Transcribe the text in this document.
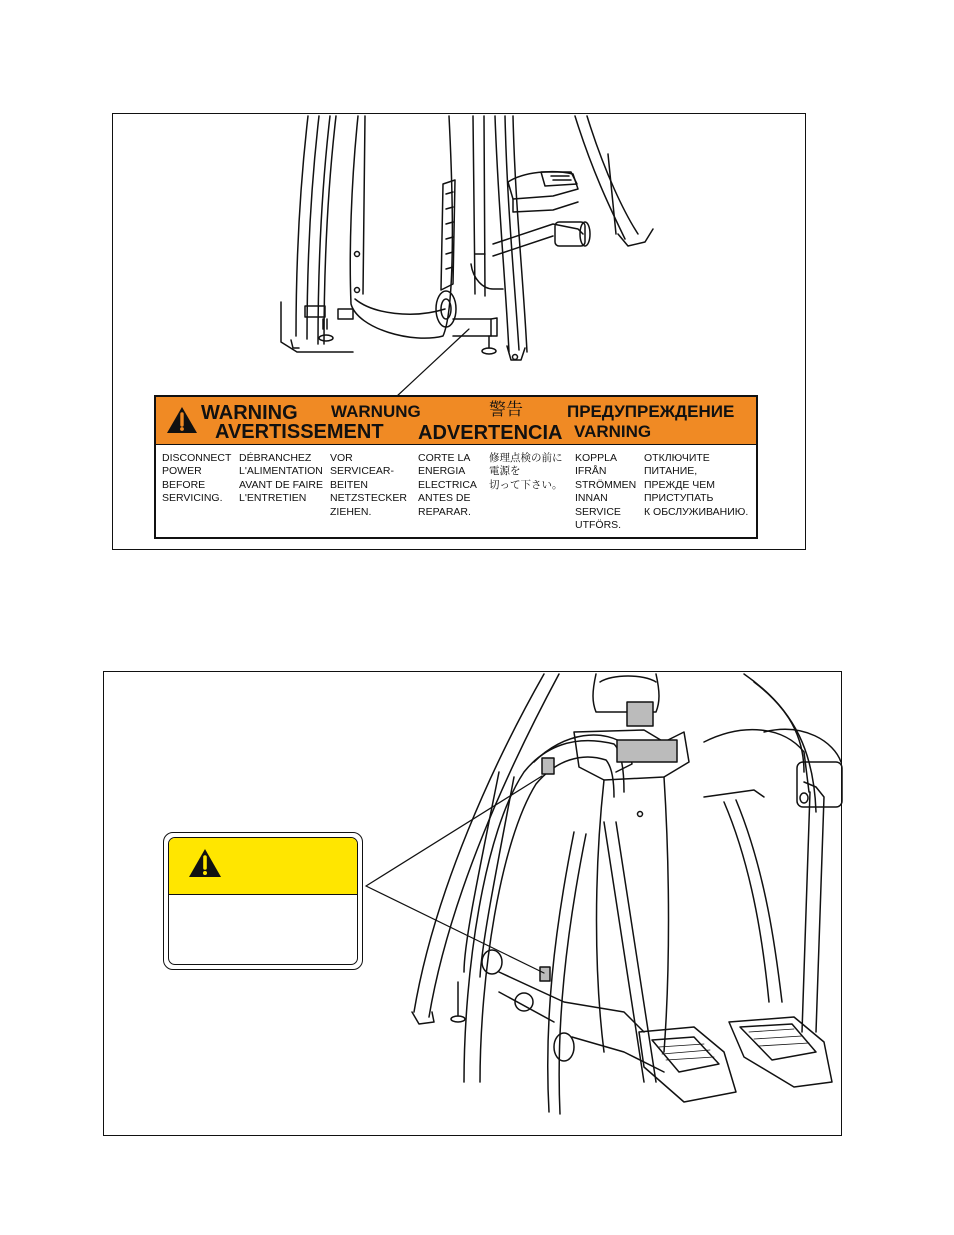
WARNING
AVERTISSEMENT
WARNUNG
ADVERTENCIA
警告	ПРЕДУПРЕЖДЕНИЕ
VARNING
DISCONNECT
POWER
BEFORE
SERVICING.
DÉBRANCHEZ
L'ALIMENTATION
AVANT DE FAIRE
L'ENTRETIEN
VOR
SERVICEAR-
BEITEN
NETZSTECKER
ZIEHEN.
CORTE LA
ENERGIA
ELECTRICA
ANTES DE
REPARAR.
修理点検の前に
電源を
切って下さい。
KOPPLA
IFRÅN
STRÖMMEN
INNAN
SERVICE
UTFÖRS.
ОТКЛЮЧИТЕ
ПИТАНИЕ,
ПРЕЖДЕ ЧЕМ
ПРИСТУПАТЬ
К ОБСЛУЖИВАНИЮ.
